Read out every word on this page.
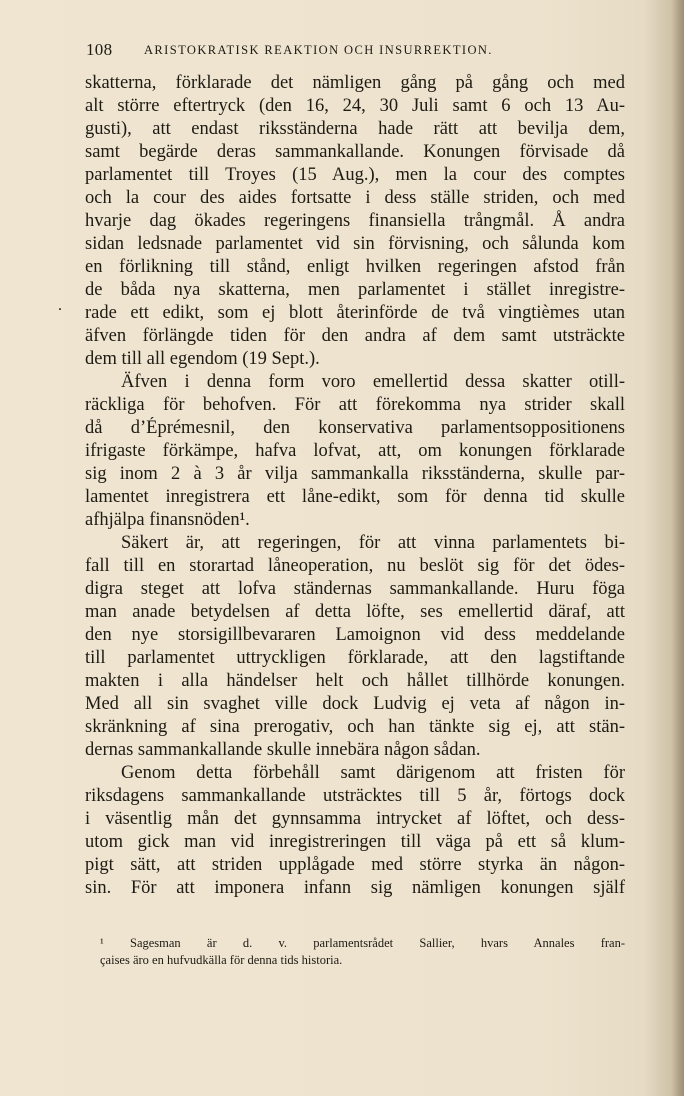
108	ARISTOKRATISK REAKTION OCH INSURREKTION.
.
skatterna, förklarade det nämligen gång på gång och med
alt större eftertryck (den 16, 24, 30 Juli samt 6 och 13 Au-
gusti), att endast riksständerna hade rätt att bevilja dem,
samt begärde deras sammankallande. Konungen förvisade då
parlamentet till Troyes (15 Aug.), men la cour des comptes
och la cour des aides fortsatte i dess ställe striden, och med
hvarje dag ökades regeringens finansiella trångmål. Å andra
sidan ledsnade parlamentet vid sin förvisning, och sålunda kom
en förlikning till stånd, enligt hvilken regeringen afstod från
de båda nya skatterna, men parlamentet i stället inregistre-
rade ett edikt, som ej blott återinförde de två vingtièmes utan
äfven förlängde tiden för den andra af dem samt utsträckte
dem till all egendom (19 Sept.).
Äfven i denna form voro emellertid dessa skatter otill-
räckliga för behofven. För att förekomma nya strider skall
då d’Éprémesnil, den konservativa parlamentsoppositionens
ifrigaste förkämpe, hafva lofvat, att, om konungen förklarade
sig inom 2 à 3 år vilja sammankalla riksständerna, skulle par-
lamentet inregistrera ett låne-edikt, som för denna tid skulle
afhjälpa finansnöden¹.
Säkert är, att regeringen, för att vinna parlamentets bi-
fall till en storartad låneoperation, nu beslöt sig för det ödes-
digra steget att lofva ständernas sammankallande. Huru föga
man anade betydelsen af detta löfte, ses emellertid däraf, att
den nye storsigillbevararen Lamoignon vid dess meddelande
till parlamentet uttryckligen förklarade, att den lagstiftande
makten i alla händelser helt och hållet tillhörde konungen.
Med all sin svaghet ville dock Ludvig ej veta af någon in-
skränkning af sina prerogativ, och han tänkte sig ej, att stän-
dernas sammankallande skulle innebära någon sådan.
Genom detta förbehåll samt därigenom att fristen för
riksdagens sammankallande utsträcktes till 5 år, förtogs dock
i väsentlig mån det gynnsamma intrycket af löftet, och dess-
utom gick man vid inregistreringen till väga på ett så klum-
pigt sätt, att striden upplågade med större styrka än någon-
sin. För att imponera infann sig nämligen konungen själf
¹ Sagesman är d. v. parlamentsrådet Sallier, hvars Annales fran-
çaises äro en hufvudkälla för denna tids historia.
